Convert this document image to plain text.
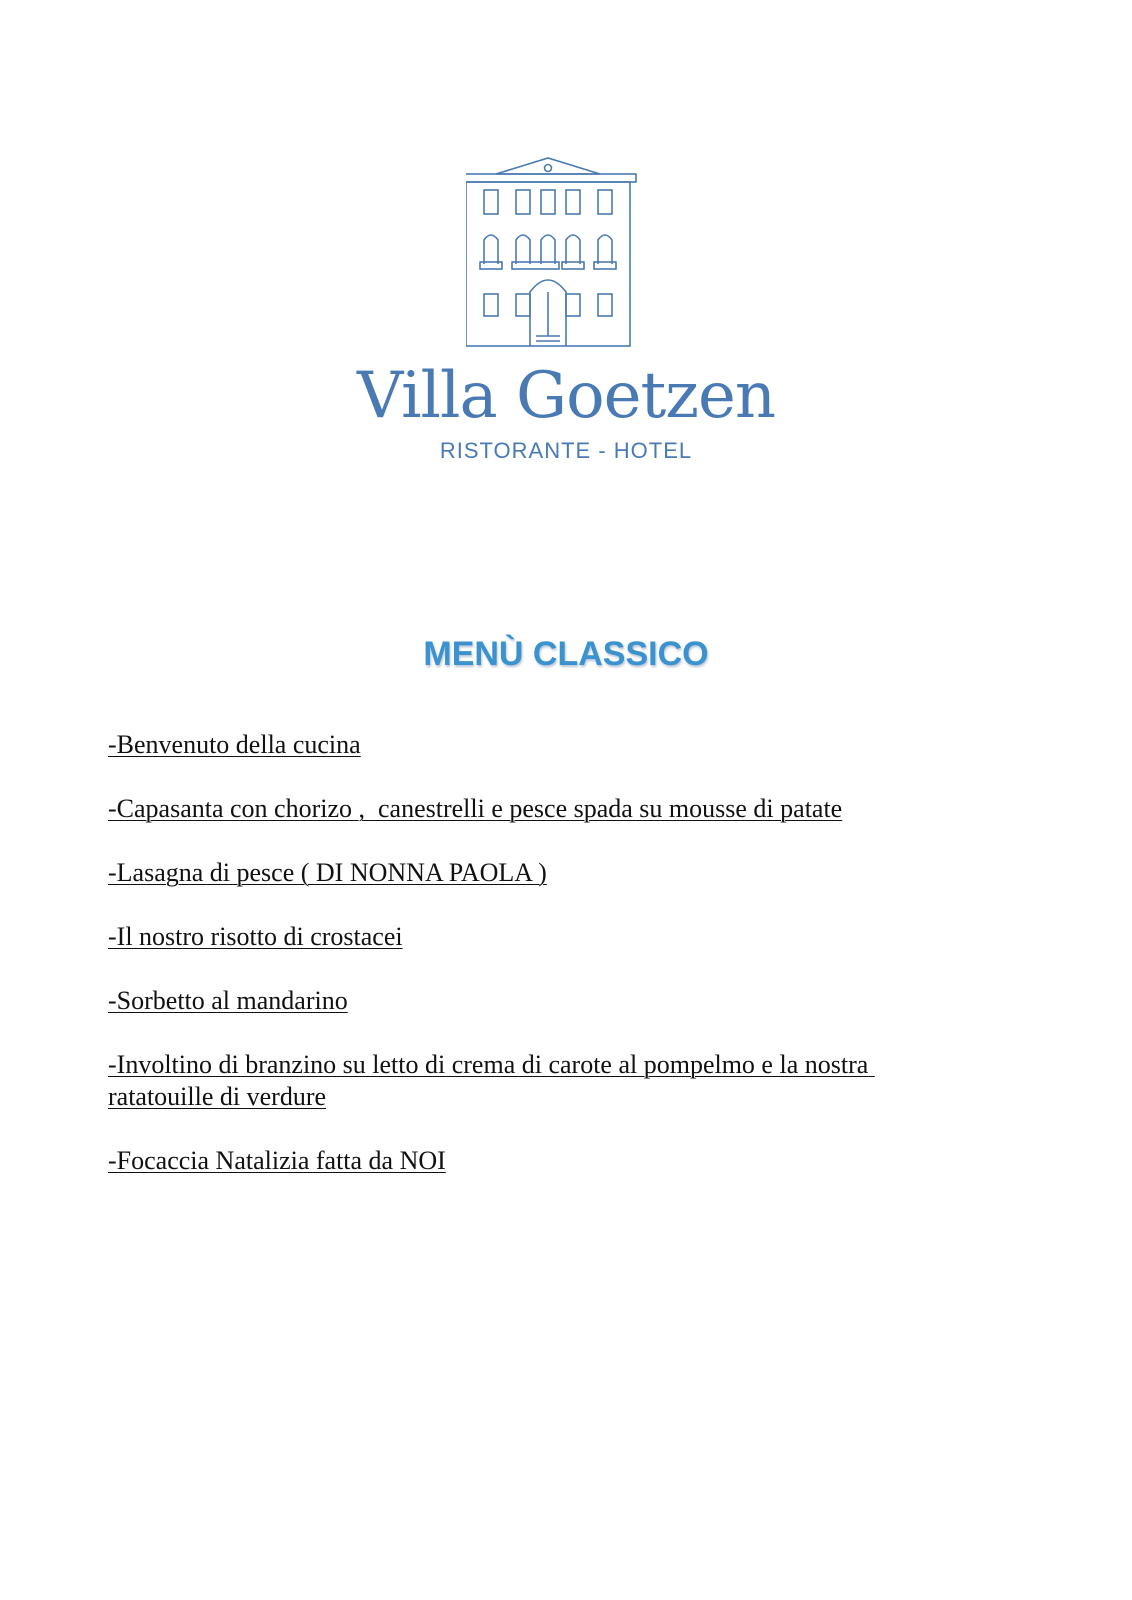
Villa Goetzen
RISTORANTE - HOTEL
MENÙ CLASSICO
-Benvenuto della cucina
-Capasanta con chorizo ,  canestrelli e pesce spada su mousse di patate
-Lasagna di pesce ( DI NONNA PAOLA )
-Il nostro risotto di crostacei
-Sorbetto al mandarino
-Involtino di branzino su letto di crema di carote al pompelmo e la nostra ratatouille di verdure
-Focaccia Natalizia fatta da NOI
